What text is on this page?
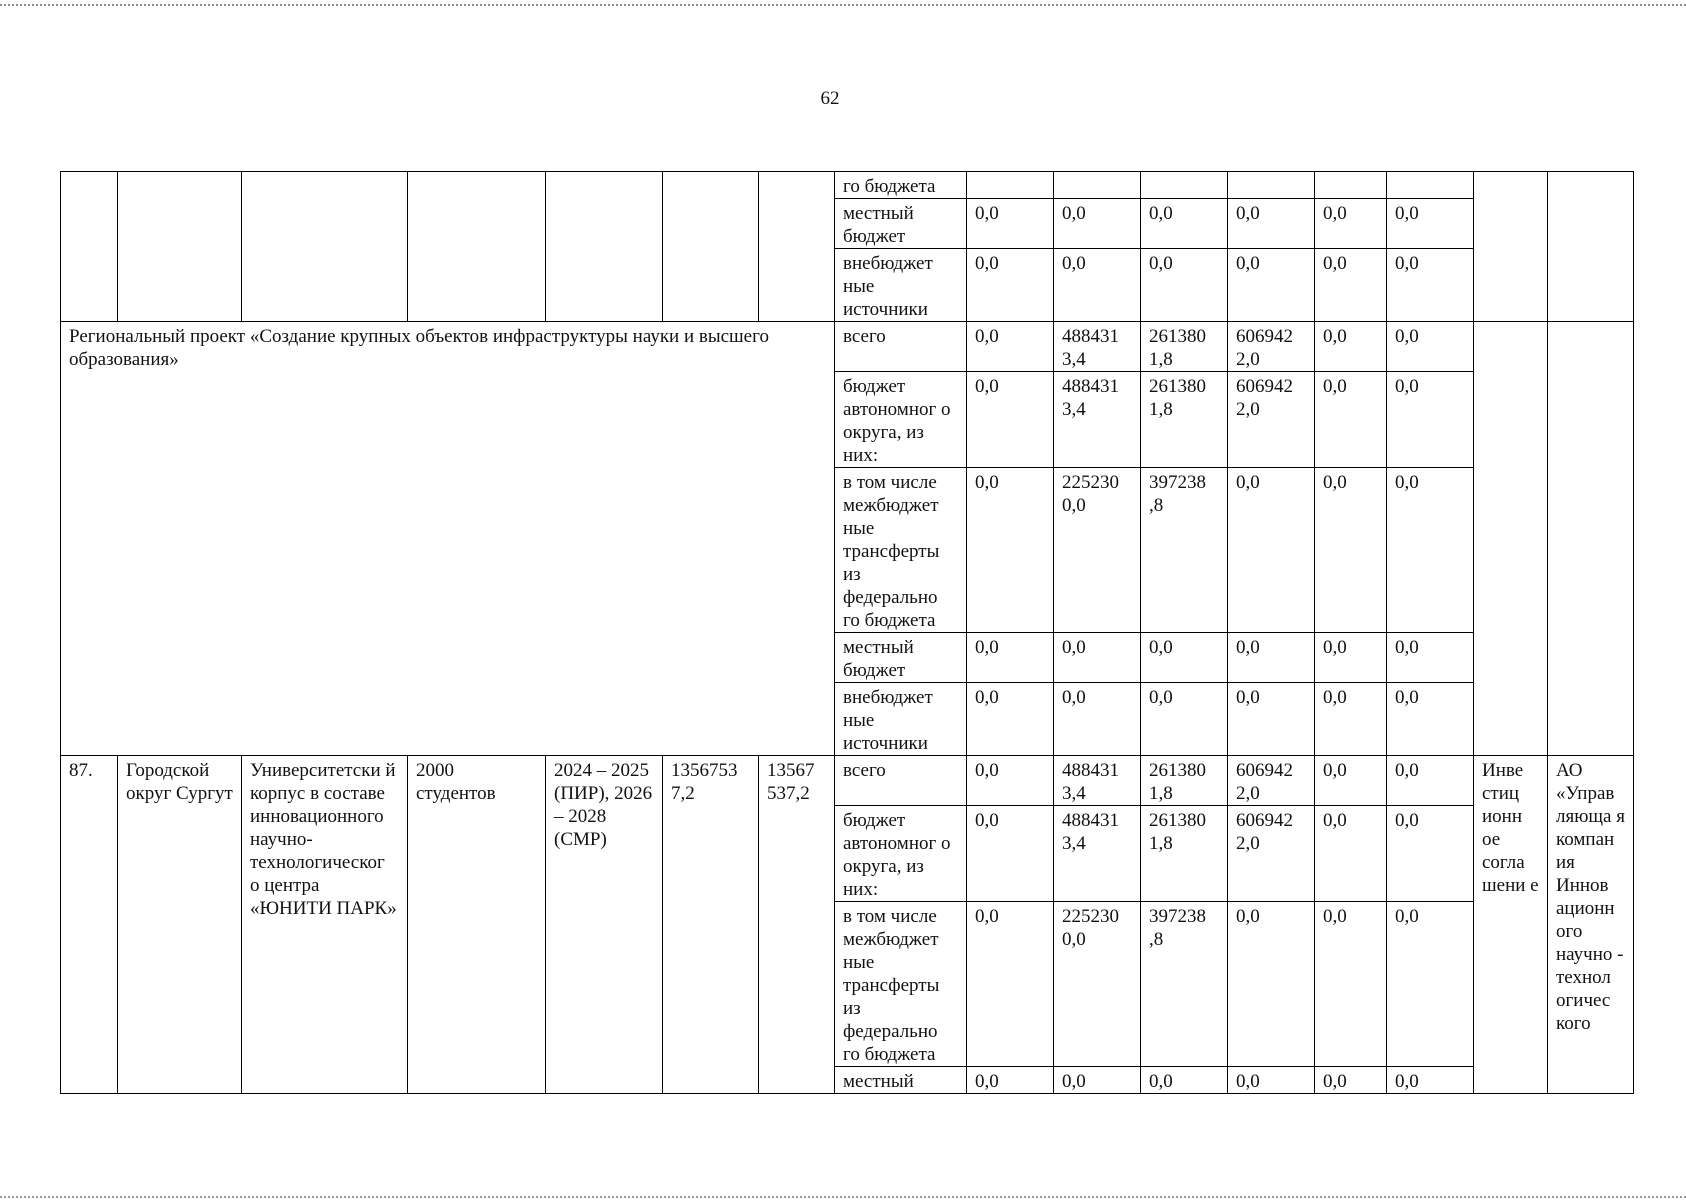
62
							го бюджета								
							местный бюджет	0,0	0,0	0,0	0,0	0,0	0,0		
							внебюджет ные источники	0,0	0,0	0,0	0,0	0,0	0,0		
Региональный проект «Создание крупных объектов инфраструктуры науки и высшего образования»							всего	0,0	488431 3,4	261380 1,8	606942 2,0	0,0	0,0		
							бюджет автономног о округа, из них:	0,0	488431 3,4	261380 1,8	606942 2,0	0,0	0,0		
							в том числе межбюджет ные трансферты из федерально го бюджета	0,0	225230 0,0	397238 ,8	0,0	0,0	0,0		
							местный бюджет	0,0	0,0	0,0	0,0	0,0	0,0		
							внебюджет ные источники	0,0	0,0	0,0	0,0	0,0	0,0		
87.	Городской округ Сургут	Университетски й корпус в составе инновационного научно- технологическог о центра «ЮНИТИ ПАРК»	2000 студентов	2024 – 2025 (ПИР), 2026 – 2028 (СМР)	1356753 7,2	13567 537,2	всего	0,0	488431 3,4	261380 1,8	606942 2,0	0,0	0,0	Инве стиц ионн ое согла шени е	АО «Управ ляюща я компан ия Иннов ационн ого научно - технол огичес кого
							бюджет автономног о округа, из них:	0,0	488431 3,4	261380 1,8	606942 2,0	0,0	0,0		
							в том числе межбюджет ные трансферты из федерально го бюджета	0,0	225230 0,0	397238 ,8	0,0	0,0	0,0		
							местный	0,0	0,0	0,0	0,0	0,0	0,0		
